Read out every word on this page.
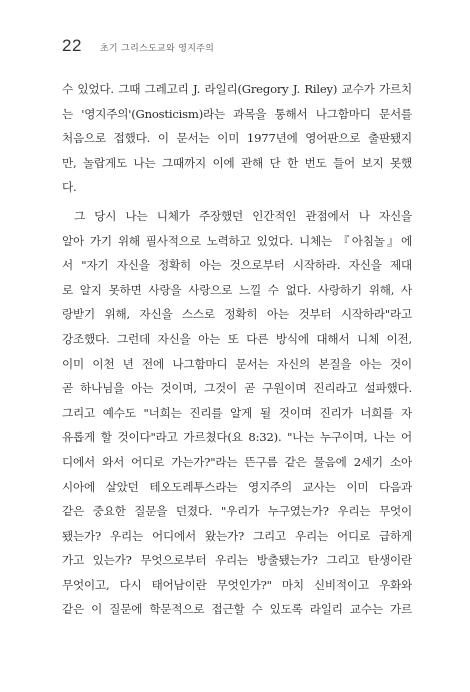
22 초기 그리스도교와 영지주의
수 있었다. 그때 그레고리 J. 라일리(Gregory J. Riley) 교수가 가르치
는 '영지주의'(Gnosticism)라는 과목을 통해서 나그함마디 문서를
처음으로 접했다. 이 문서는 이미 1977년에 영어판으로 출판됐지
만, 놀랍게도 나는 그때까지 이에 관해 단 한 번도 들어 보지 못했
다.
그 당시 나는 니체가 주장했던 인간적인 관점에서 나 자신을
알아 가기 위해 필사적으로 노력하고 있었다. 니체는 『아침놀』에
서 "자기 자신을 정확히 아는 것으로부터 시작하라. 자신을 제대
로 알지 못하면 사랑을 사랑으로 느낄 수 없다. 사랑하기 위해, 사
랑받기 위해, 자신을 스스로 정확히 아는 것부터 시작하라"라고
강조했다. 그런데 자신을 아는 또 다른 방식에 대해서 니체 이전,
이미 이천 년 전에 나그함마디 문서는 자신의 본질을 아는 것이
곧 하나님을 아는 것이며, 그것이 곧 구원이며 진리라고 설파했다.
그리고 예수도 "너희는 진리를 알게 될 것이며 진리가 너희를 자
유롭게 할 것이다"라고 가르쳤다(요 8:32). "나는 누구이며, 나는 어
디에서 와서 어디로 가는가?"라는 뜬구름 같은 물음에 2세기 소아
시아에 살았던 테오도레투스라는 영지주의 교사는 이미 다음과
같은 중요한 질문을 던졌다. "우리가 누구였는가? 우리는 무엇이
됐는가? 우리는 어디에서 왔는가? 그리고 우리는 어디로 급하게
가고 있는가? 무엇으로부터 우리는 방출됐는가? 그리고 탄생이란
무엇이고, 다시 태어남이란 무엇인가?" 마치 신비적이고 우화와
같은 이 질문에 학문적으로 접근할 수 있도록 라일리 교수는 가르
